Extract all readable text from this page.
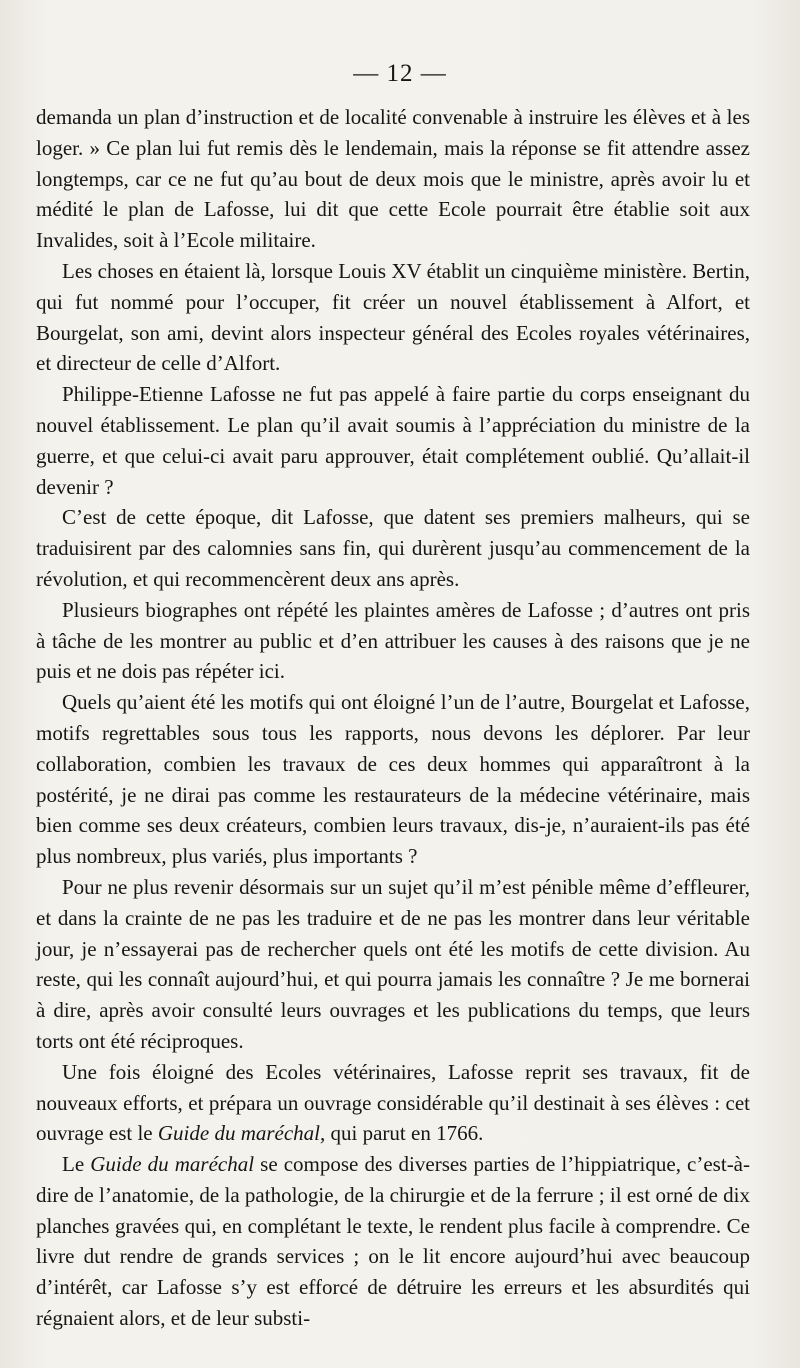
— 12 —

demanda un plan d’instruction et de localité convenable à instruire les élèves et à les loger. » Ce plan lui fut remis dès le lendemain, mais la réponse se fit attendre assez longtemps, car ce ne fut qu’au bout de deux mois que le ministre, après avoir lu et médité le plan de Lafosse, lui dit que cette Ecole pourrait être établie soit aux Invalides, soit à l’Ecole militaire.

Les choses en étaient là, lorsque Louis XV établit un cinquième ministère. Bertin, qui fut nommé pour l’occuper, fit créer un nouvel établissement à Alfort, et Bourgelat, son ami, devint alors inspecteur général des Ecoles royales vétérinaires, et directeur de celle d’Alfort.

Philippe-Etienne Lafosse ne fut pas appelé à faire partie du corps enseignant du nouvel établissement. Le plan qu’il avait soumis à l’appréciation du ministre de la guerre, et que celui-ci avait paru approuver, était complétement oublié. Qu’allait-il devenir ?

C’est de cette époque, dit Lafosse, que datent ses premiers malheurs, qui se traduisirent par des calomnies sans fin, qui durèrent jusqu’au commencement de la révolution, et qui recommencèrent deux ans après.

Plusieurs biographes ont répété les plaintes amères de Lafosse ; d’autres ont pris à tâche de les montrer au public et d’en attribuer les causes à des raisons que je ne puis et ne dois pas répéter ici.

Quels qu’aient été les motifs qui ont éloigné l’un de l’autre, Bourgelat et Lafosse, motifs regrettables sous tous les rapports, nous devons les déplorer. Par leur collaboration, combien les travaux de ces deux hommes qui apparaîtront à la postérité, je ne dirai pas comme les restaurateurs de la médecine vétérinaire, mais bien comme ses deux créateurs, combien leurs travaux, dis-je, n’auraient-ils pas été plus nombreux, plus variés, plus importants ?

Pour ne plus revenir désormais sur un sujet qu’il m’est pénible même d’effleurer, et dans la crainte de ne pas les traduire et de ne pas les montrer dans leur véritable jour, je n’essayerai pas de rechercher quels ont été les motifs de cette division. Au reste, qui les connaît aujourd’hui, et qui pourra jamais les connaître ? Je me bornerai à dire, après avoir consulté leurs ouvrages et les publications du temps, que leurs torts ont été réciproques.

Une fois éloigné des Ecoles vétérinaires, Lafosse reprit ses travaux, fit de nouveaux efforts, et prépara un ouvrage considérable qu’il destinait à ses élèves : cet ouvrage est le Guide du maréchal, qui parut en 1766.

Le Guide du maréchal se compose des diverses parties de l’hippiatrique, c’est-à-dire de l’anatomie, de la pathologie, de la chirurgie et de la ferrure ; il est orné de dix planches gravées qui, en complétant le texte, le rendent plus facile à comprendre. Ce livre dut rendre de grands services ; on le lit encore aujourd’hui avec beaucoup d’intérêt, car Lafosse s’y est efforcé de détruire les erreurs et les absurdités qui régnaient alors, et de leur substi-
